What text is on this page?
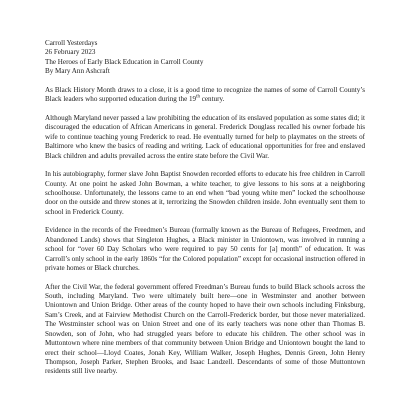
Carroll Yesterdays
26 February 2023
The Heroes of Early Black Education in Carroll County
By Mary Ann Ashcraft

As Black History Month draws to a close, it is a good time to recognize the names of some of Carroll County’s Black leaders who supported education during the 19th century.

Although Maryland never passed a law prohibiting the education of its enslaved population as some states did; it discouraged the education of African Americans in general. Frederick Douglass recalled his owner forbade his wife to continue teaching young Frederick to read. He eventually turned for help to playmates on the streets of Baltimore who knew the basics of reading and writing. Lack of educational opportunities for free and enslaved Black children and adults prevailed across the entire state before the Civil War.

In his autobiography, former slave John Baptist Snowden recorded efforts to educate his free children in Carroll County. At one point he asked John Bowman, a white teacher, to give lessons to his sons at a neighboring schoolhouse. Unfortunately, the lessons came to an end when “bad young white men” locked the schoolhouse door on the outside and threw stones at it, terrorizing the Snowden children inside. John eventually sent them to school in Frederick County.

Evidence in the records of the Freedmen’s Bureau (formally known as the Bureau of Refugees, Freedmen, and Abandoned Lands) shows that Singleton Hughes, a Black minister in Uniontown, was involved in running a school for “over 60 Day Scholars who were required to pay 50 cents for [a] month” of education. It was Carroll’s only school in the early 1860s “for the Colored population” except for occasional instruction offered in private homes or Black churches.

After the Civil War, the federal government offered Freedman’s Bureau funds to build Black schools across the South, including Maryland. Two were ultimately built here—one in Westminster and another between Uniontown and Union Bridge. Other areas of the county hoped to have their own schools including Finksburg, Sam’s Creek, and at Fairview Methodist Church on the Carroll-Frederick border, but those never materialized. The Westminster school was on Union Street and one of its early teachers was none other than Thomas B. Snowden, son of John, who had struggled years before to educate his children. The other school was in Muttontown where nine members of that community between Union Bridge and Uniontown bought the land to erect their school—Lloyd Coates, Jonah Key, William Walker, Joseph Hughes, Dennis Green, John Henry Thompson, Joseph Parker, Stephen Brooks, and Isaac Landzell. Descendants of some of those Muttontown residents still live nearby.
